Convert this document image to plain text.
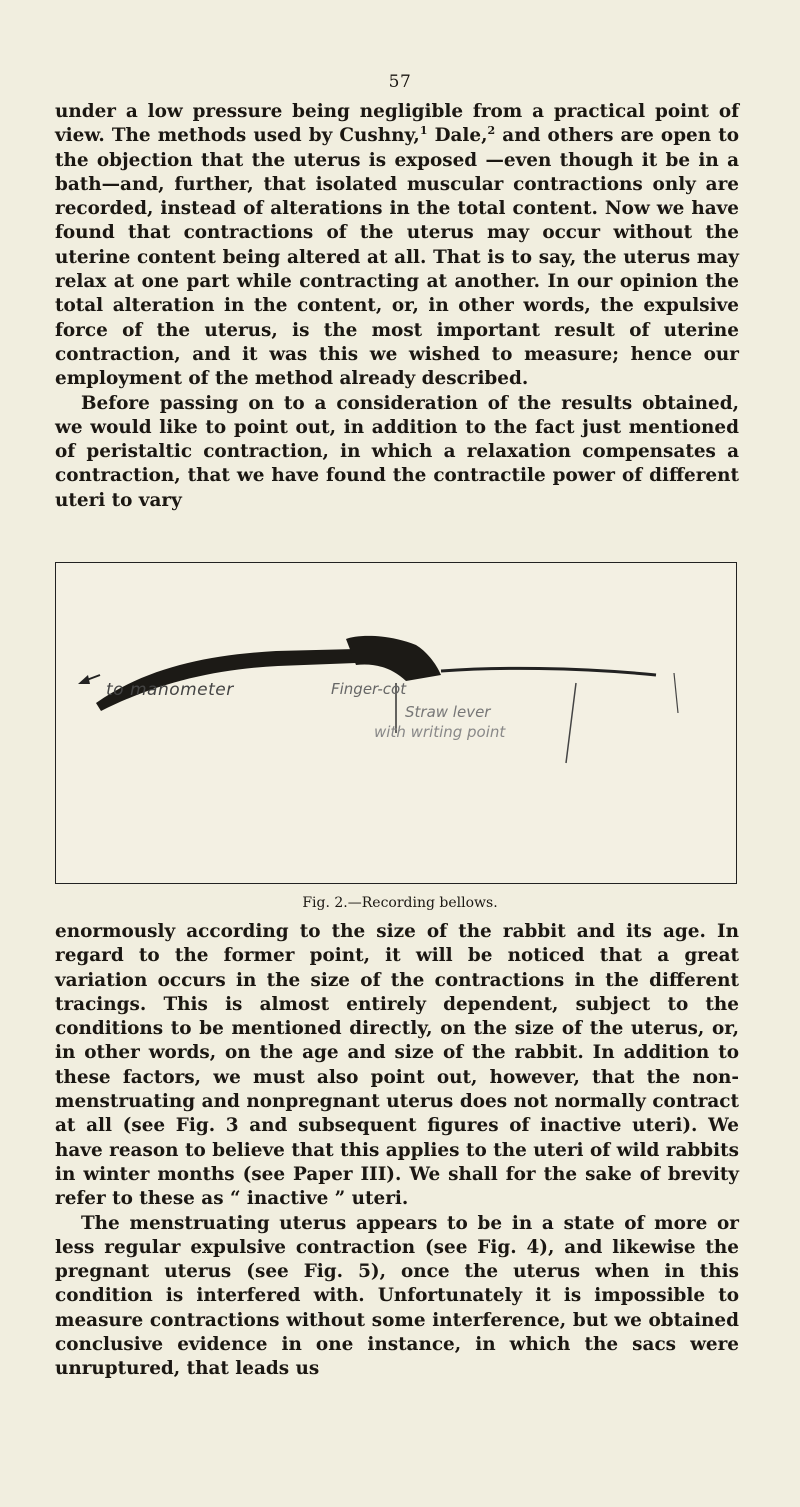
57

under a low pressure being negligible from a practical point of view. The methods used by Cushny,$^1$ Dale,$^2$ and others are open to the objection that the uterus is exposed —even though it be in a bath—and, further, that isolated muscular contractions only are recorded, instead of alterations in the total content. Now we have found that contractions of the uterus may occur without the uterine content being altered at all. That is to say, the uterus may relax at one part while contracting at another. In our opinion the total alteration in the content, or, in other words, the expulsive force of the uterus, is the most important result of uterine contraction, and it was this we wished to measure; hence our employment of the method already described.

Before passing on to a consideration of the results obtained, we would like to point out, in addition to the fact just mentioned of peristaltic contraction, in which a relaxation compensates a contraction, that we have found the contractile power of different uteri to vary

to manometer	Finger-cot
Straw lever
with writing point
Fig. 2.—Recording bellows.

enormously according to the size of the rabbit and its age. In regard to the former point, it will be noticed that a great variation occurs in the size of the contractions in the different tracings. This is almost entirely dependent, subject to the conditions to be mentioned directly, on the size of the uterus, or, in other words, on the age and size of the rabbit. In addition to these factors, we must also point out, however, that the non-menstruating and nonpregnant uterus does not normally contract at all (see Fig. 3 and subsequent figures of inactive uteri). We have reason to believe that this applies to the uteri of wild rabbits in winter months (see Paper III). We shall for the sake of brevity refer to these as “ inactive ” uteri.

The menstruating uterus appears to be in a state of more or less regular expulsive contraction (see Fig. 4), and likewise the pregnant uterus (see Fig. 5), once the uterus when in this condition is interfered with. Unfortunately it is impossible to measure contractions without some interference, but we obtained conclusive evidence in one instance, in which the sacs were unruptured, that leads us
